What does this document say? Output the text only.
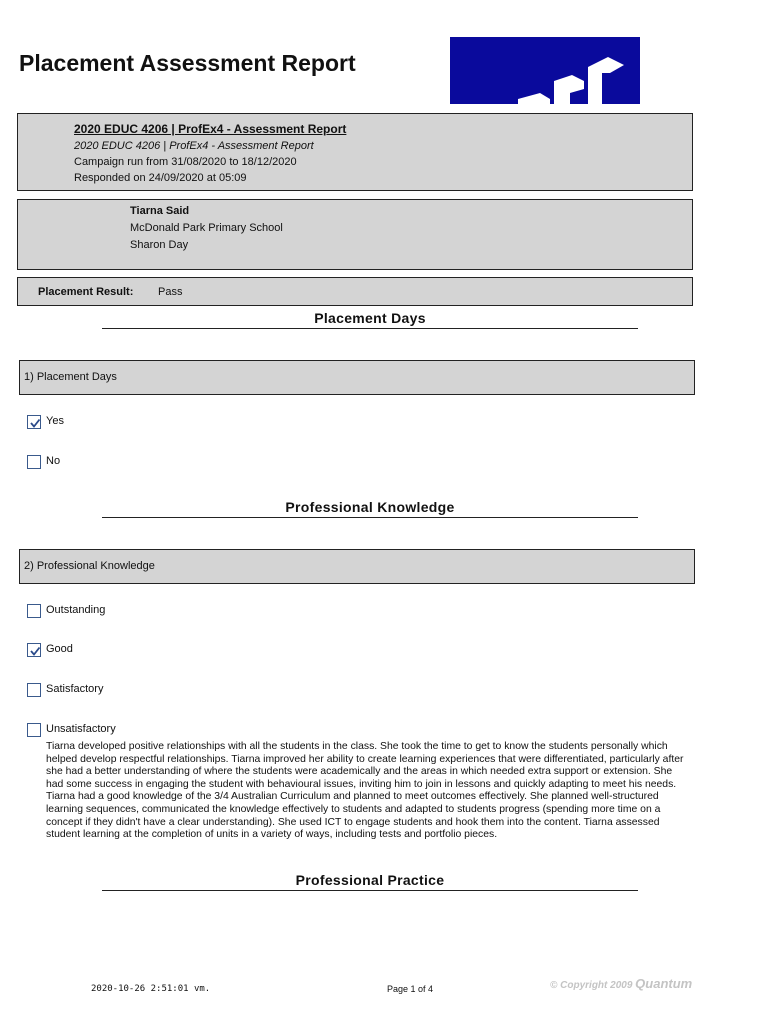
Placement Assessment Report
2020 EDUC 4206 | ProfEx4 - Assessment Report
2020 EDUC 4206 | ProfEx4 - Assessment Report
Campaign run from 31/08/2020 to 18/12/2020
Responded on 24/09/2020 at 05:09
Tiarna Said
McDonald Park Primary School
Sharon Day
Placement Result: Pass
Placement Days
1) Placement Days
Yes
No
Professional Knowledge
2) Professional Knowledge
Outstanding
Good
Satisfactory
Unsatisfactory

Tiarna developed positive relationships with all the students in the class. She took the time to get to know the students personally which helped develop respectful relationships. Tiarna improved her ability to create learning experiences that were differentiated, particularly after she had a better understanding of where the students were academically and the areas in which needed extra support or extension. She had some success in engaging the student with behavioural issues, inviting him to join in lessons and quickly adapting to meet his needs.

Tiarna had a good knowledge of the 3/4 Australian Curriculum and planned to meet outcomes effectively. She planned well-structured learning sequences, communicated the knowledge effectively to students and adapted to students progress (spending more time on a concept if they didn't have a clear understanding). She used ICT to engage students and hook them into the content. Tiarna assessed student learning at the completion of units in a variety of ways, including tests and portfolio pieces.

Professional Practice
2020-10-26 2:51:01 vm.	Page 1 of 4	© Copyright 2009 Quantum
